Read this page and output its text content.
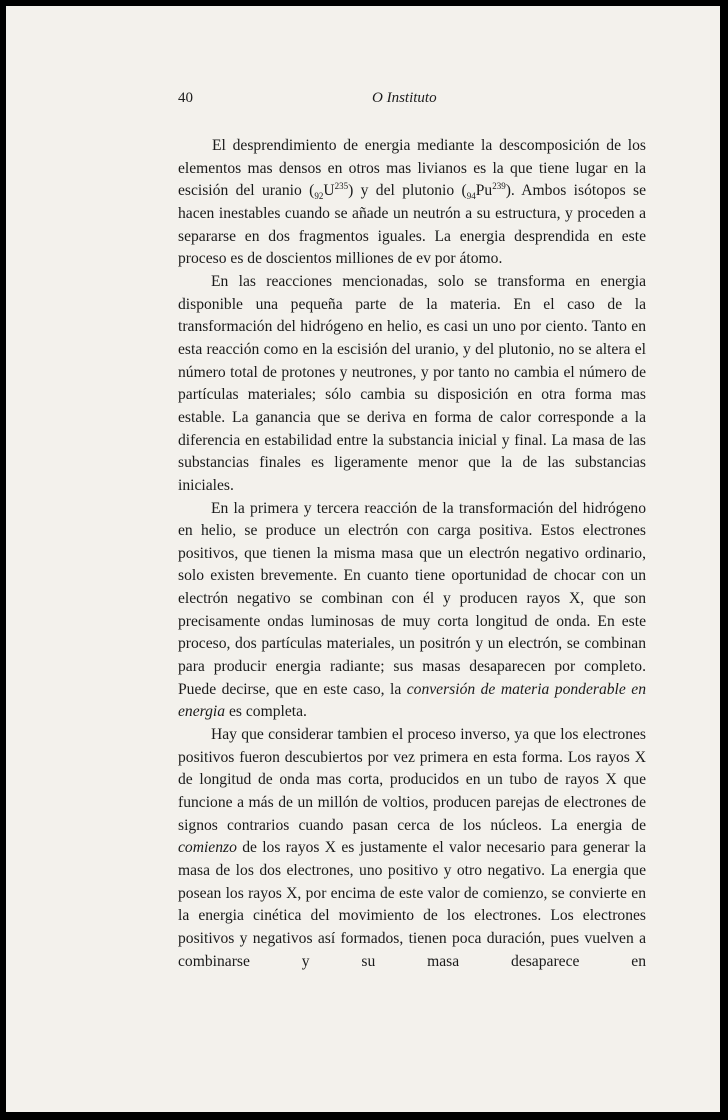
40	O Instituto

El desprendimiento de energia mediante la descomposición de los elementos mas densos en otros mas livianos es la que tiene lugar en la escisión del uranio $(_{92}U^{235})$ y del plutonio $(_{94}Pu^{239})$. Ambos isótopos se hacen inestables cuando se añade un neutrón a su estructura, y proceden a separarse en dos fragmentos iguales. La energia desprendida en este proceso es de doscientos milliones de ev por átomo.

En las reacciones mencionadas, solo se transforma en energia disponible una pequeña parte de la materia. En el caso de la transformación del hidrógeno en helio, es casi un uno por ciento. Tanto en esta reacción como en la escisión del uranio, y del plutonio, no se altera el número total de protones y neutrones, y por tanto no cambia el número de partículas materiales; sólo cambia su disposición en otra forma mas estable. La ganancia que se deriva en forma de calor corresponde a la diferencia en estabilidad entre la substancia inicial y final. La masa de las substancias finales es ligeramente menor que la de las substancias iniciales.

En la primera y tercera reacción de la transformación del hidrógeno en helio, se produce un electrón con carga positiva. Estos electrones positivos, que tienen la misma masa que un electrón negativo ordinario, solo existen brevemente. En cuanto tiene oportunidad de chocar con un electrón negativo se combinan con él y producen rayos X, que son precisamente ondas luminosas de muy corta longitud de onda. En este proceso, dos partículas materiales, un positrón y un electrón, se combinan para producir energia radiante; sus masas desaparecen por completo. Puede decirse, que en este caso, la conversión de materia ponderable en energia es completa.

Hay que considerar tambien el proceso inverso, ya que los electrones positivos fueron descubiertos por vez primera en esta forma. Los rayos X de longitud de onda mas corta, producidos en un tubo de rayos X que funcione a más de un millón de voltios, producen parejas de electrones de signos contrarios cuando pasan cerca de los núcleos. La energia de comienzo de los rayos X es justamente el valor necesario para generar la masa de los dos electrones, uno positivo y otro negativo. La energia que posean los rayos X, por encima de este valor de comienzo, se convierte en la energia cinética del movimiento de los electrones. Los electrones positivos y negativos así formados, tienen poca duración, pues vuelven a combinarse y su masa desaparece en
